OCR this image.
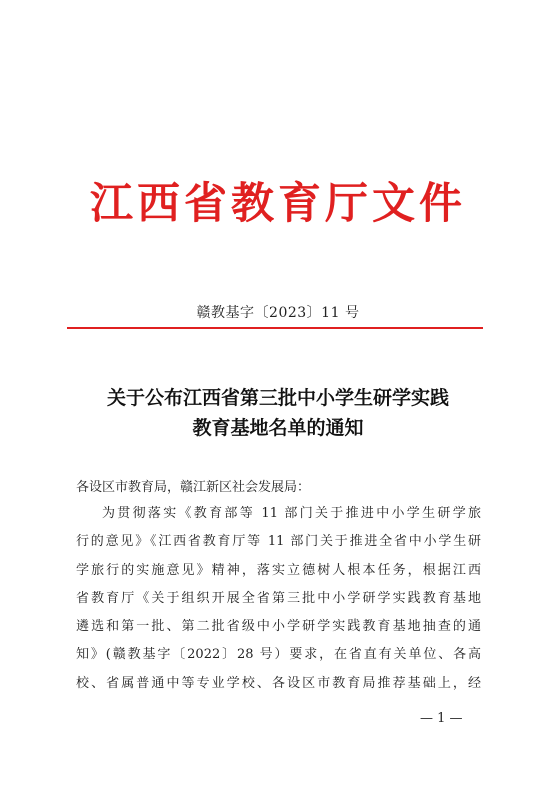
江西省教育厅文件
赣教基字〔2023〕11 号
关于公布江西省第三批中小学生研学实践
教育基地名单的通知
各设区市教育局，赣江新区社会发展局：
为贯彻落实《教育部等 11 部门关于推进中小学生研学旅
行的意见》《江西省教育厅等 11 部门关于推进全省中小学生研
学旅行的实施意见》精神，落实立德树人根本任务，根据江西
省教育厅《关于组织开展全省第三批中小学研学实践教育基地
遴选和第一批、第二批省级中小学研学实践教育基地抽查的通
知》(赣教基字〔2022〕28 号）要求，在省直有关单位、各高
校、省属普通中等专业学校、各设区市教育局推荐基础上，经
— 1 —
